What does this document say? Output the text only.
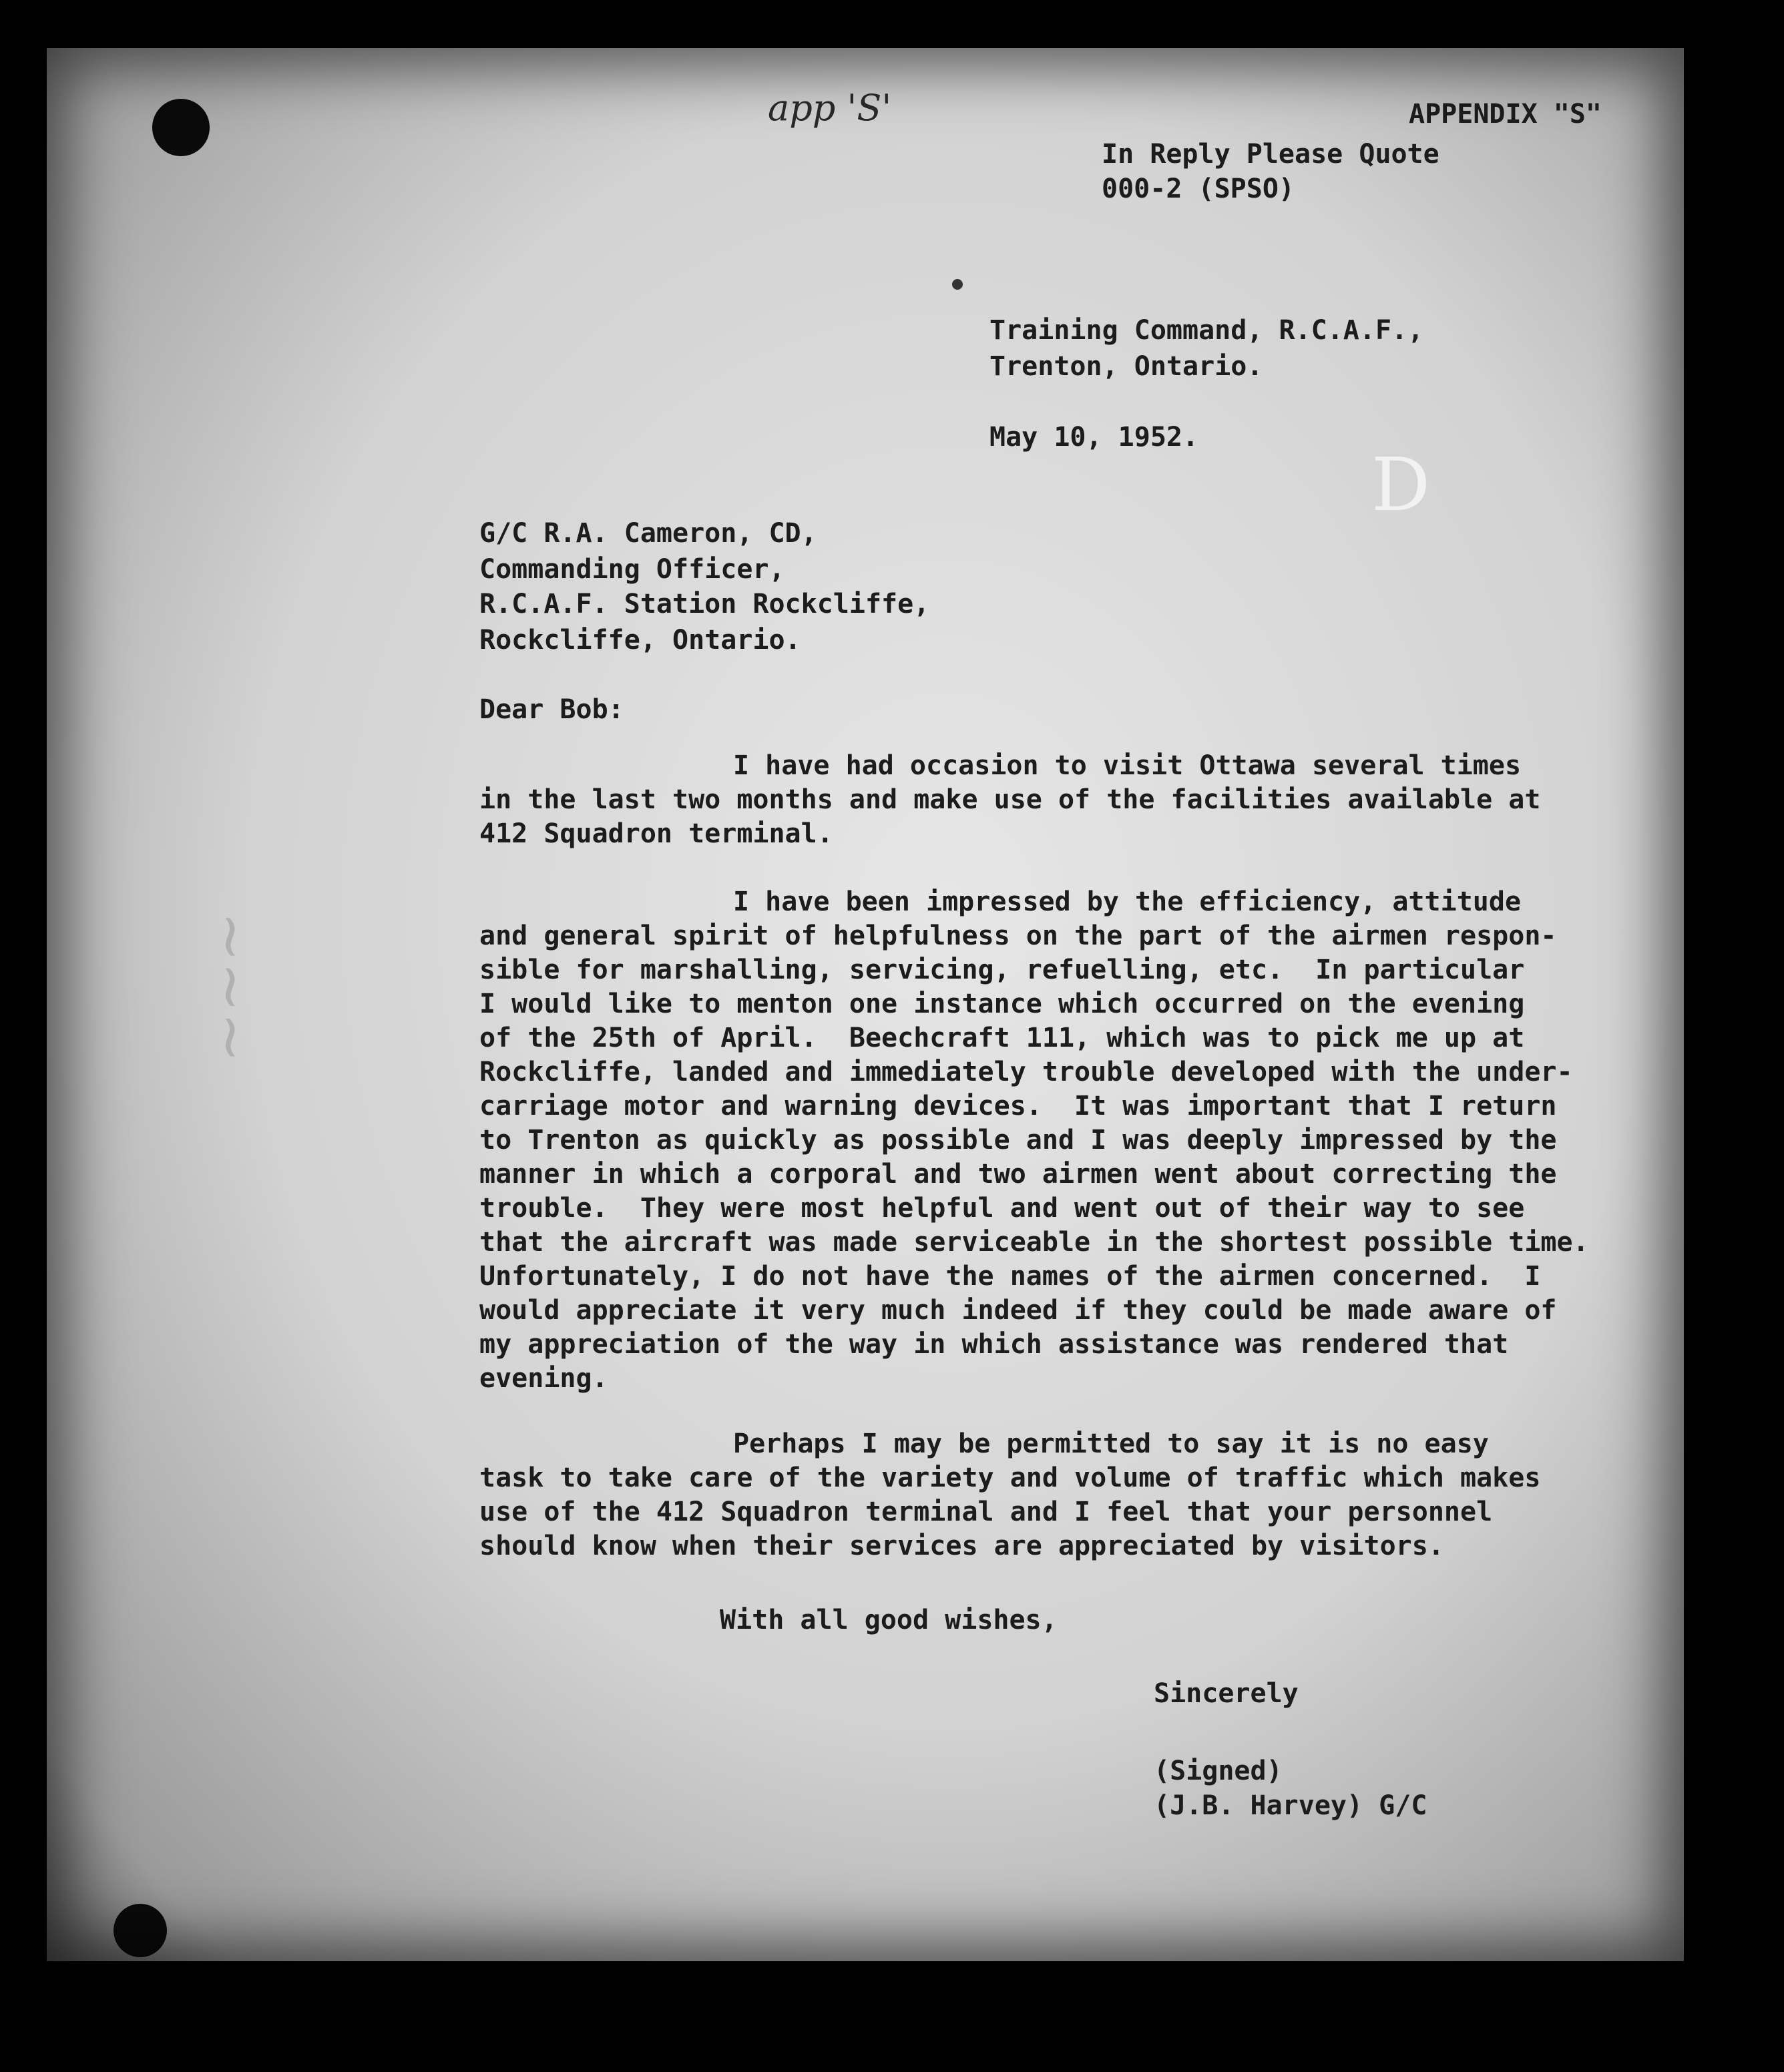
~~~
app 'S'	APPENDIX "S"
In Reply Please Quote
000-2 (SPSO)
Training Command, R.C.A.F.,
Trenton, Ontario.
May 10, 1952.
D
G/C R.A. Cameron, CD,
Commanding Officer,
R.C.A.F. Station Rockcliffe,
Rockcliffe, Ontario.
Dear Bob:
I have had occasion to visit Ottawa several times
in the last two months and make use of the facilities available at
412 Squadron terminal.
I have been impressed by the efficiency, attitude
and general spirit of helpfulness on the part of the airmen respon-
sible for marshalling, servicing, refuelling, etc.  In particular
I would like to menton one instance which occurred on the evening
of the 25th of April.  Beechcraft 111, which was to pick me up at
Rockcliffe, landed and immediately trouble developed with the under-
carriage motor and warning devices.  It was important that I return
to Trenton as quickly as possible and I was deeply impressed by the
manner in which a corporal and two airmen went about correcting the
trouble.  They were most helpful and went out of their way to see
that the aircraft was made serviceable in the shortest possible time.
Unfortunately, I do not have the names of the airmen concerned.  I
would appreciate it very much indeed if they could be made aware of
my appreciation of the way in which assistance was rendered that
evening.
Perhaps I may be permitted to say it is no easy
task to take care of the variety and volume of traffic which makes
use of the 412 Squadron terminal and I feel that your personnel
should know when their services are appreciated by visitors.
With all good wishes,
Sincerely
(Signed)
(J.B. Harvey) G/C
